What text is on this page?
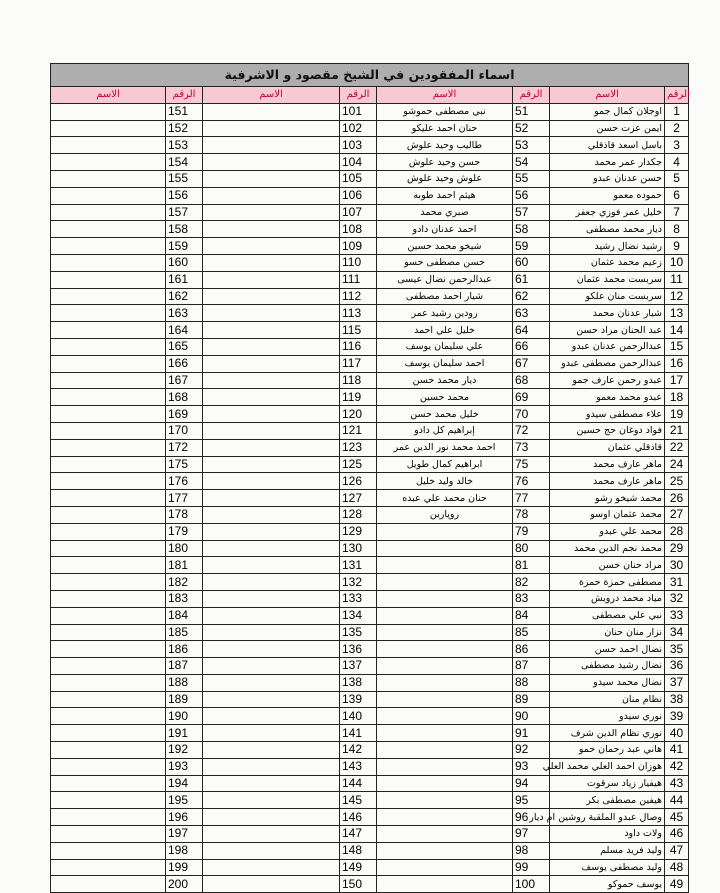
اسماء المفقودين في الشيخ مقصود و الاشرفية							
الاسم	الرقم	الاسم	الرقم	الاسم	الرقم	الاسم	الرقم
	151		101	نبي مصطفى حموشو	51	اوجلان كمال جمو	1
	152		102	حنان احمد عليكو	52	ايمن عزت حسن	2
	153		103	طاليب وحيد علوش	53	باسل اسعد قاذقلي	3
	154		104	حسن وحيد علوش	54	جكدار عمر محمد	4
	155		105	علوش وحيد علوش	55	حسن عدنان عبدو	5
	156		106	هيثم احمد طوبه	56	حموده معمو	6
	157		107	صبري محمد	57	خليل عمر فوزي جعفر	7
	158		108	احمد عدنان دادو	58	ديار محمد مصطفى	8
	159		109	شيخو محمد حسين	59	رشيد نضال رشيد	9
	160		110	حسن مصطفى حسو	60	زعيم محمد عثمان	10
	161		111	عبدالرحمن نضال عيسى	61	سربست محمد عثمان	11
	162		112	شيار احمد مصطفى	62	سربست منان علكو	12
	163		113	رودين رشيد عمر	63	شيار عدنان محمد	13
	164		115	خليل علي احمد	64	عبد الحنان مراد حسن	14
	165		116	علي سليمان يوسف	66	عبدالرحمن عدنان عبدو	15
	166		117	احمد سليمان يوسف	67	عبدالرحمن مصطفى عبدو	16
	167		118	ديار محمد حسن	68	عبدو رحمن عارف جمو	17
	168		119	محمد حسين	69	عبدو محمد معمو	18
	169		120	خليل محمد حسن	70	علاء مصطفى سيدو	19
	170		121	إبراهيم كل دادو	72	فواد دوغان حج حسين	21
	172		123	احمد محمد نور الدين عمر	73	قاذقلي عثمان	22
	175		125	ابراهيم كمال طويل	75	ماهر عارف محمد	24
	176		126	خالد وليد خليل	76	ماهر عارف محمد	25
	177		127	حنان محمد علي عبده	77	محمد شيخو رشو	26
	178		128	روپارين	78	محمد عثمان اوسو	27
	179		129		79	محمد علي عبدو	28
	180		130		80	محمد نجم الدين محمد	29
	181		131		81	مراد حنان حسن	30
	182		132		82	مصطفى حمزة حمزة	31
	183		133		83	مياد محمد درويش	32
	184		134		84	نبي علي مصطفى	33
	185		135		85	نزار منان حنان	34
	186		136		86	نضال احمد حسن	35
	187		137		87	نضال رشيد مصطفى	36
	188		138		88	نضال محمد سيدو	37
	189		139		89	نظام منان	38
	190		140		90	نوري سيدو	39
	191		141		91	نوري نظام الدين شرف	40
	192		142		92	هاني عبد رحمان حمو	41
	193		143		93	هوزان احمد العلي محمد العلي	42
	194		144		94	هيفيار زياد سرقوت	43
	195		145		95	هيفين مصطفى بكر	44
	196		146		96	وصال عبدو الملقبة روشين ام ديار	45
	197		147		97	ولات داود	46
	198		148		98	وليد فريد مسلم	47
	199		149		99	وليد مصطفى يوسف	48
	200		150		100	يوسف حموكو	49
